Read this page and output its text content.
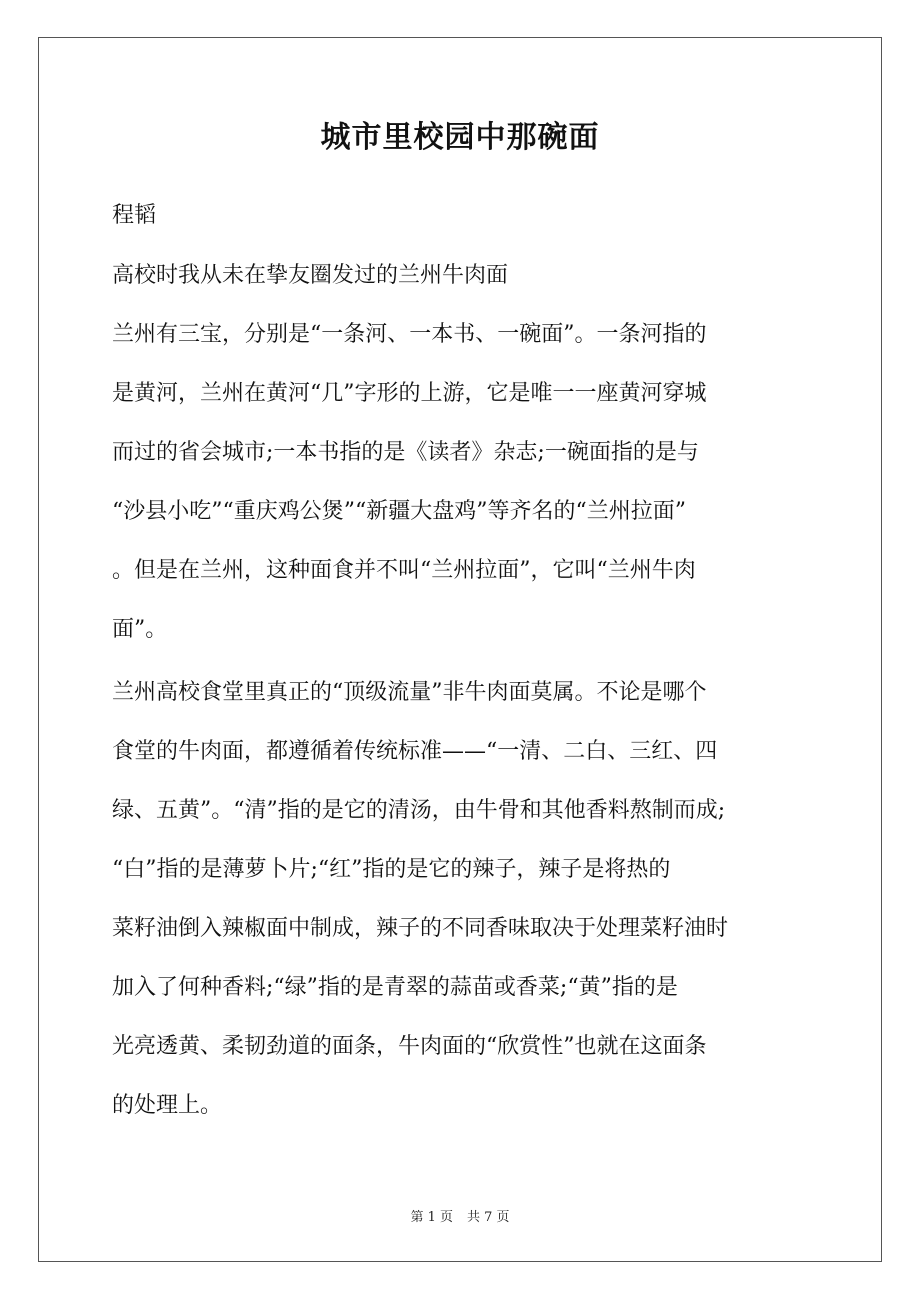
城市里校园中那碗面

程韬

高校时我从未在挚友圈发过的兰州牛肉面

兰州有三宝，分别是“一条河、一本书、一碗面”。一条河指的

是黄河，兰州在黄河“几”字形的上游，它是唯一一座黄河穿城

而过的省会城市;一本书指的是《读者》杂志;一碗面指的是与

“沙县小吃”“重庆鸡公煲”“新疆大盘鸡”等齐名的“兰州拉面”

。但是在兰州，这种面食并不叫“兰州拉面”，它叫“兰州牛肉

面”。

兰州高校食堂里真正的“顶级流量”非牛肉面莫属。不论是哪个

食堂的牛肉面，都遵循着传统标准——“一清、二白、三红、四

绿、五黄”。“清”指的是它的清汤，由牛骨和其他香料熬制而成;

“白”指的是薄萝卜片;“红”指的是它的辣子，辣子是将热的

菜籽油倒入辣椒面中制成，辣子的不同香味取决于处理菜籽油时

加入了何种香料;“绿”指的是青翠的蒜苗或香菜;“黄”指的是

光亮透黄、柔韧劲道的面条，牛肉面的“欣赏性”也就在这面条

的处理上。

第 1 页 共 7 页
